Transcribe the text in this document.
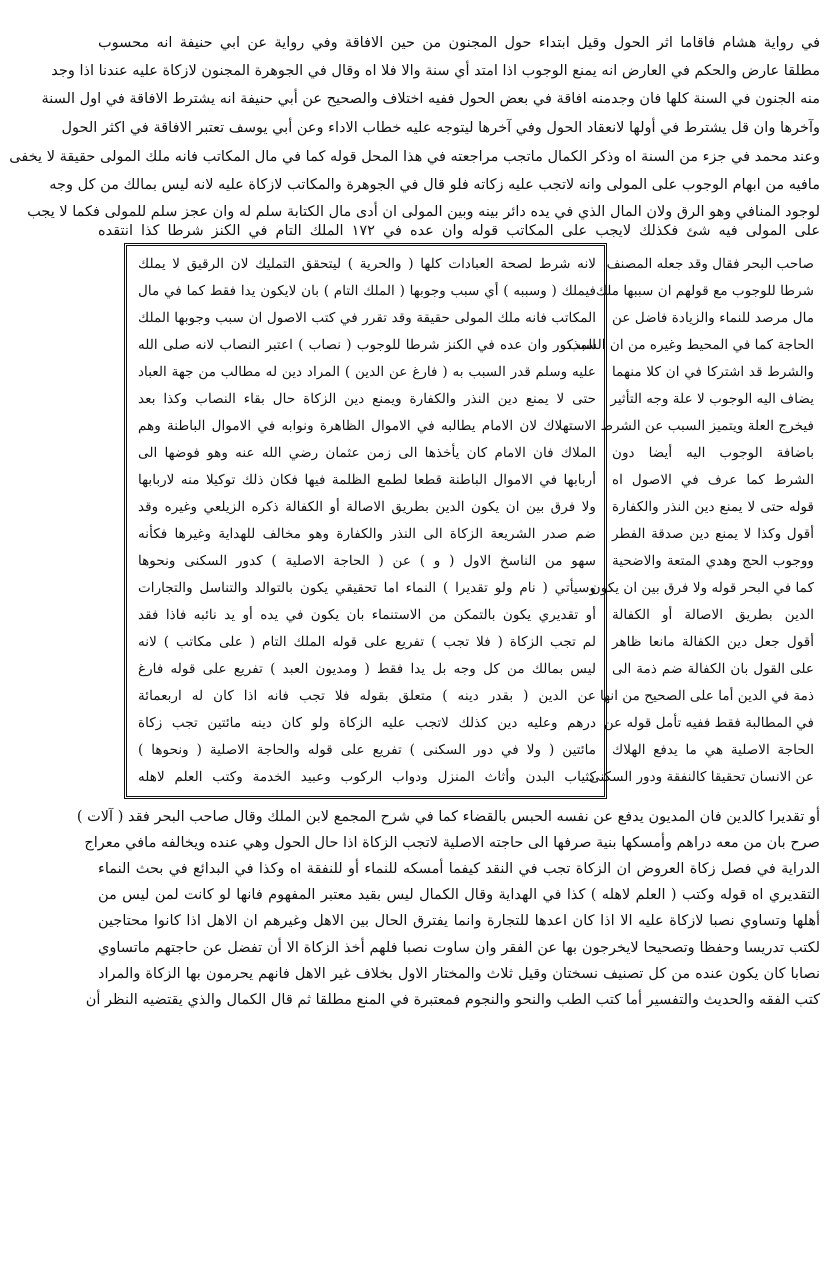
في رواية هشام فاقاما اثر الحول وقيل ابتداء حول المجنون من حين الافاقة وفي رواية عن ابي حنيفة انه محسوب
مطلقا عارض والحكم في العارض انه يمنع الوجوب اذا امتد أي سنة والا فلا اه وقال في الجوهرة المجنون لازكاة عليه عندنا اذا وجد
منه الجنون في السنة كلها فان وجدمنه افاقة في بعض الحول ففيه اختلاف والصحيح عن أبي حنيفة انه يشترط الافاقة في اول السنة
وآخرها وان قل يشترط في أولها لانعقاد الحول وفي آخرها ليتوجه عليه خطاب الاداء وعن أبي يوسف تعتبر الافاقة في اكثر الحول
وعند محمد في جزء من السنة اه وذكر الكمال ماتجب مراجعته في هذا المحل قوله كما في مال المكاتب فانه ملك المولى حقيقة لا يخفى
مافيه من ابهام الوجوب على المولى وانه لاتجب عليه زكاته فلو قال في الجوهرة والمكاتب لازكاة عليه لانه ليس بمالك من كل وجه
لوجود المنافي وهو الرق ولان المال الذي في يده دائر بينه وبين المولى ان أدى مال الكتابة سلم له وان عجز سلم للمولى فكما لا يجب
على المولى فيه شئ فكذلك لايجب على المكاتب قوله وان عده في ١٧٢ الملك التام في الكنز شرطا كذا انتقده
صاحب البحر فقال وقد جعله المصنف
شرطا للوجوب مع قولهم ان سببها ملك
مال مرصد للنماء والزيادة فاضل عن
الحاجة كما في المحيط وغيره من ان السبب
والشرط قد اشتركا في ان كلا منهما
يضاف اليه الوجوب لا علة وجه التأثير
فيخرج العلة ويتميز السبب عن الشرط
باضافة الوجوب اليه أيضا دون
الشرط كما عرف في الاصول اه
قوله حتى لا يمنع دين النذر والكفارة
أقول وكذا لا يمنع دين صدقة الفطر
ووجوب الحج وهدي المتعة والاضحية
كما في البحر قوله ولا فرق بين ان يكون
الدين بطريق الاصالة أو الكفالة
أقول جعل دين الكفالة مانعا ظاهر
على القول بان الكفالة ضم ذمة الى
ذمة في الدين أما على الصحيح من انها
في المطالبة فقط ففيه تأمل قوله عن
الحاجة الاصلية هي ما يدفع الهلاك
عن الانسان تحقيقا كالنفقة ودور السكنى
لانه شرط لصحة العبادات كلها ( والحرية ) ليتحقق التمليك لان الرقيق لا يملك
فيملك ( وسببه ) أي سبب وجوبها ( الملك التام ) بان لايكون يدا فقط كما في مال
المكاتب فانه ملك المولى حقيقة وقد تقرر في كتب الاصول ان سبب وجوبها الملك
المذكور وان عده في الكنز شرطا للوجوب ( نصاب ) اعتبر النصاب لانه صلى الله
عليه وسلم قدر السبب به ( فارغ عن الدين ) المراد دين له مطالب من جهة العباد
حتى لا يمنع دين النذر والكفارة ويمنع دين الزكاة حال بقاء النصاب وكذا بعد
الاستهلاك لان الامام يطالبه في الاموال الظاهرة ونوابه في الاموال الباطنة وهم
الملاك فان الامام كان يأخذها الى زمن عثمان رضي الله عنه وهو فوضها الى
أربابها في الاموال الباطنة قطعا لطمع الظلمة فيها فكان ذلك توكيلا منه لاربابها
ولا فرق بين ان يكون الدين بطريق الاصالة أو الكفالة ذكره الزيلعي وغيره وقد
ضم صدر الشريعة الزكاة الى النذر والكفارة وهو مخالف للهداية وغيرها فكأنه
سهو من الناسخ الاول ( و ) عن ( الحاجة الاصلية ) كدور السكنى ونحوها
وسيأتي ( نام ولو تقديرا ) النماء اما تحقيقي يكون بالتوالد والتناسل والتجارات
أو تقديري يكون بالتمكن من الاستنماء بان يكون في يده أو يد نائبه فاذا فقد
لم تجب الزكاة ( فلا تجب ) تفريع على قوله الملك التام ( على مكاتب ) لانه
ليس بمالك من كل وجه بل يدا فقط ( ومديون العبد ) تفريع على قوله فارغ
عن الدين ( بقدر دينه ) متعلق بقوله فلا تجب فانه اذا كان له اربعمائة
درهم وعليه دين كذلك لاتجب عليه الزكاة ولو كان دينه مائتين تجب زكاة
مائتين ( ولا في دور السكنى ) تفريع على قوله والحاجة الاصلية ( ونحوها )
كثياب البدن وأثاث المنزل ودواب الركوب وعبيد الخدمة وكتب العلم لاهله
أو تقديرا كالدين فان المديون يدفع عن نفسه الحبس بالقضاء كما في شرح المجمع لابن الملك وقال صاحب البحر فقد ( آلات )
صرح بان من معه دراهم وأمسكها بنية صرفها الى حاجته الاصلية لاتجب الزكاة اذا حال الحول وهي عنده ويخالفه مافي معراج
الدراية في فصل زكاة العروض ان الزكاة تجب في النقد كيفما أمسكه للنماء أو للنفقة اه وكذا في البدائع في بحث النماء
التقديري اه قوله وكتب ( العلم لاهله ) كذا في الهداية وقال الكمال ليس بقيد معتبر المفهوم فانها لو كانت لمن ليس من
أهلها وتساوي نصبا لازكاة عليه الا اذا كان اعدها للتجارة وانما يفترق الحال بين الاهل وغيرهم ان الاهل اذا كانوا محتاجين
لكتب تدريسا وحفظا وتصحيحا لايخرجون بها عن الفقر وان ساوت نصبا فلهم أخذ الزكاة الا أن تفضل عن حاجتهم ماتساوي
نصابا كان يكون عنده من كل تصنيف نسختان وقيل ثلاث والمختار الاول بخلاف غير الاهل فانهم يحرمون بها الزكاة والمراد
كتب الفقه والحديث والتفسير أما كتب الطب والنحو والنجوم فمعتبرة في المنع مطلقا ثم قال الكمال والذي يقتضيه النظر أن
